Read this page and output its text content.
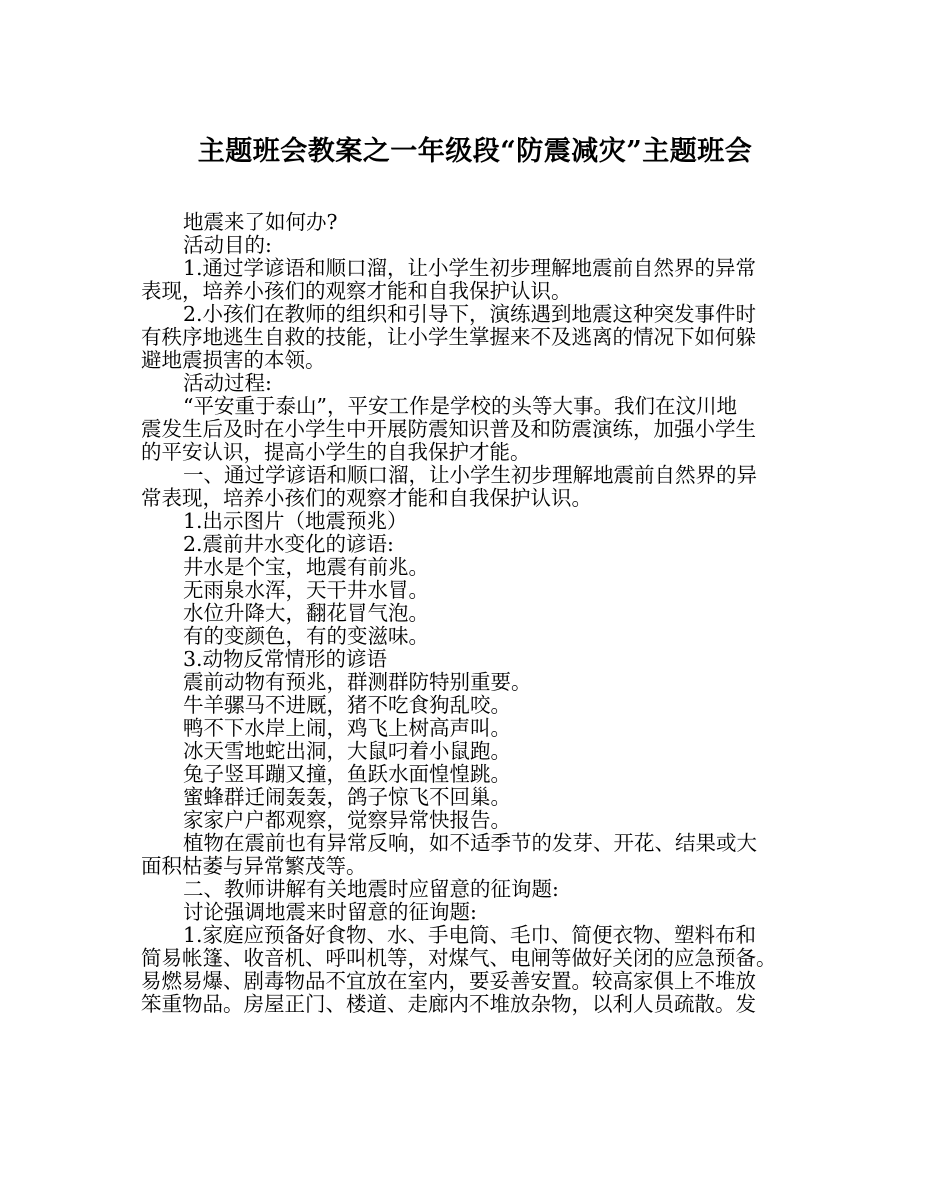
主题班会教案之一年级段“防震减灾”主题班会
地震来了如何办?
活动目的:
1.通过学谚语和顺口溜，让小学生初步理解地震前自然界的异常
表现，培养小孩们的观察才能和自我保护认识。
2.小孩们在教师的组织和引导下，演练遇到地震这种突发事件时
有秩序地逃生自救的技能，让小学生掌握来不及逃离的情况下如何躲
避地震损害的本领。
活动过程:
“平安重于泰山”，平安工作是学校的头等大事。我们在汶川地
震发生后及时在小学生中开展防震知识普及和防震演练，加强小学生
的平安认识，提高小学生的自我保护才能。
一、通过学谚语和顺口溜，让小学生初步理解地震前自然界的异
常表现，培养小孩们的观察才能和自我保护认识。
1.出示图片（地震预兆）
2.震前井水变化的谚语:
井水是个宝，地震有前兆。
无雨泉水浑，天干井水冒。
水位升降大，翻花冒气泡。
有的变颜色，有的变滋味。
3.动物反常情形的谚语
震前动物有预兆，群测群防特别重要。
牛羊骡马不进厩，猪不吃食狗乱咬。
鸭不下水岸上闹，鸡飞上树高声叫。
冰天雪地蛇出洞，大鼠叼着小鼠跑。
兔子竖耳蹦又撞，鱼跃水面惶惶跳。
蜜蜂群迁闹轰轰，鸽子惊飞不回巢。
家家户户都观察，觉察异常快报告。
植物在震前也有异常反响，如不适季节的发芽、开花、结果或大
面积枯萎与异常繁茂等。
二、教师讲解有关地震时应留意的征询题:
讨论强调地震来时留意的征询题:
1.家庭应预备好食物、水、手电筒、毛巾、简便衣物、塑料布和
简易帐篷、收音机、呼叫机等，对煤气、电闸等做好关闭的应急预备。
易燃易爆、剧毒物品不宜放在室内，要妥善安置。较高家俱上不堆放
笨重物品。房屋正门、楼道、走廊内不堆放杂物，以利人员疏散。发
